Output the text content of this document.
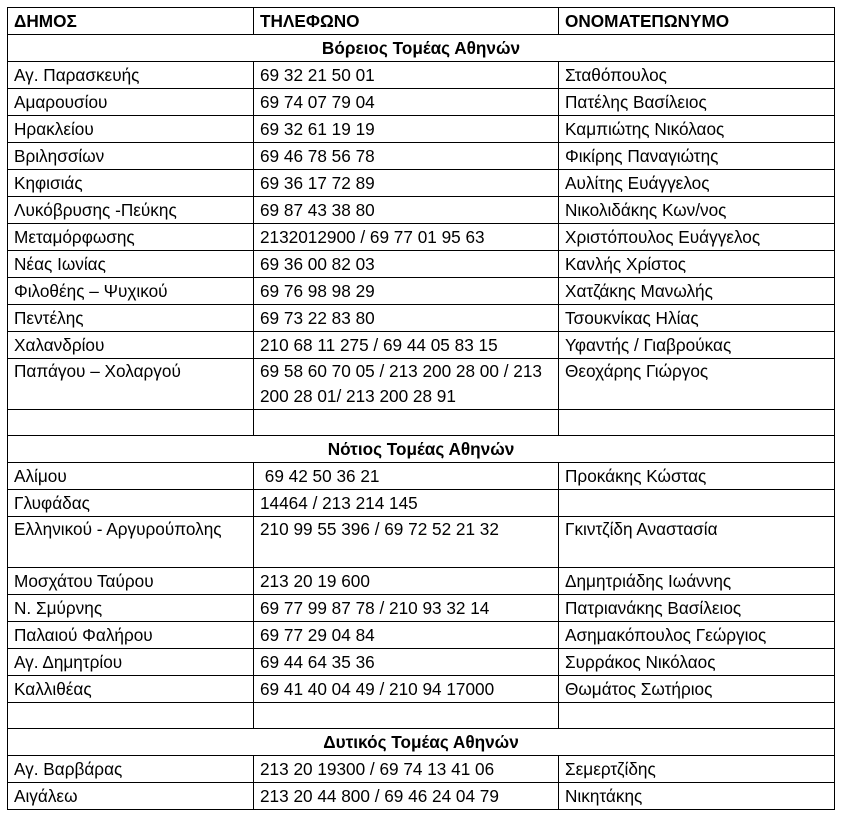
ΔΗΜΟΣ	ΤΗΛΕΦΩΝΟ	ΟΝΟΜΑΤΕΠΩΝΥΜΟ
Βόρειος Τομέας Αθηνών		
Αγ. Παρασκευής	69 32 21 50 01	Σταθόπουλος
Αμαρουσίου	69 74 07 79 04	Πατέλης Βασίλειος
Ηρακλείου	69 32 61 19 19	Καμπιώτης Νικόλαος
Βριλησσίων	69 46 78 56 78	Φικίρης Παναγιώτης
Κηφισιάς	69 36 17 72 89	Αυλίτης Ευάγγελος
Λυκόβρυσης -Πεύκης	69 87 43 38 80	Νικολιδάκης Κων/νος
Μεταμόρφωσης	2132012900 / 69 77 01 95 63	Χριστόπουλος Ευάγγελος
Νέας Ιωνίας	69 36 00 82 03	Κανλής Χρίστος
Φιλοθέης – Ψυχικού	69 76 98 98 29	Χατζάκης Μανωλής
Πεντέλης	69 73 22 83 80	Τσουκνίκας Ηλίας
Χαλανδρίου	210 68 11 275 / 69 44 05 83 15	Υφαντής / Γιαβρούκας
Παπάγου – Χολαργού	69 58 60 70 05 / 213 200 28 00 / 213 200 28 01/ 213 200 28 91	Θεοχάρης Γιώργος

Νότιος Τομέας Αθηνών		
Αλίμου	69 42 50 36 21	Προκάκης Κώστας
Γλυφάδας	14464 / 213 214 145	
Ελληνικού - Αργυρούπολης	210 99 55 396 / 69 72 52 21 32	Γκιντζίδη Αναστασία
Μοσχάτου Ταύρου	213 20 19 600	Δημητριάδης Ιωάννης
Ν. Σμύρνης	69 77 99 87 78 / 210 93 32 14	Πατριανάκης Βασίλειος
Παλαιού Φαλήρου	69 77 29 04 84	Ασημακόπουλος Γεώργιος
Αγ. Δημητρίου	69 44 64 35 36	Συρράκος Νικόλαος
Καλλιθέας	69 41 40 04 49 / 210 94 17000	Θωμάτος Σωτήριος

Δυτικός Τομέας Αθηνών		
Αγ. Βαρβάρας	213 20 19300 / 69 74 13 41 06	Σεμερτζίδης
Αιγάλεω	213 20 44 800 / 69 46 24 04 79	Νικητάκης
